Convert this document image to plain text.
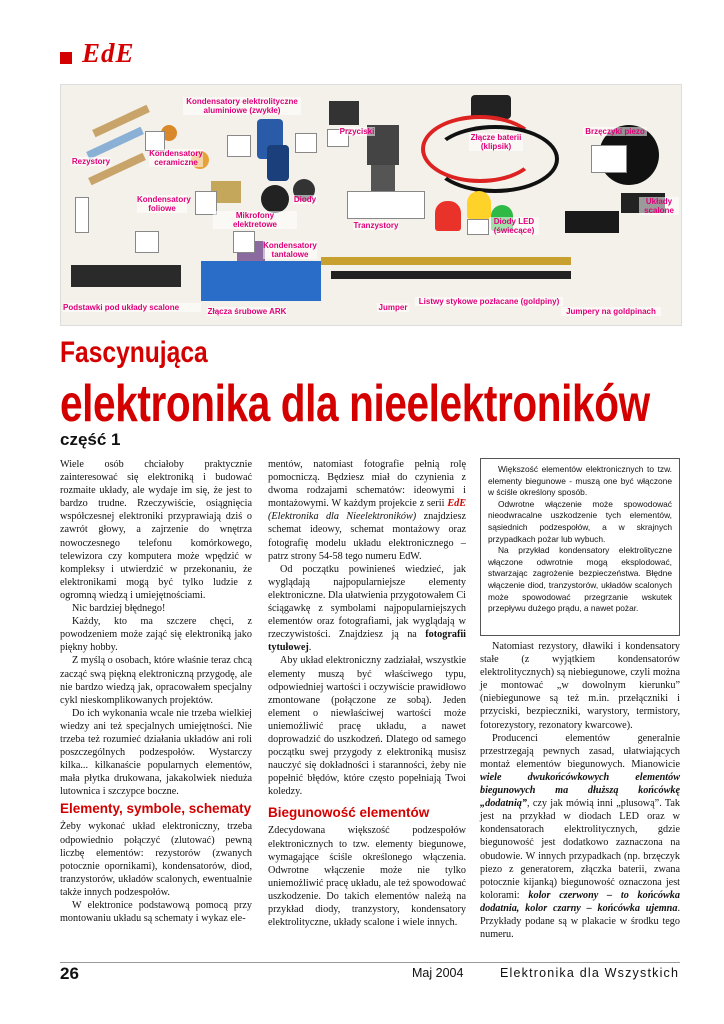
EdE
Kondensatory elektrolityczne aluminiowe (zwykłe)
Przyciski
Złącze baterii (klipsik)
Brzęczyki piezo
Rezystory
Kondensatory ceramiczne
Kondensatory foliowe
Mikrofony elektretowe
Diody
Tranzystory	Diody LED (świecące)
Układy scalone
Kondensatory tantalowe
Podstawki pod układy scalone	Złącza śrubowe ARK	Jumper
Listwy stykowe pozłacane (goldpiny)
Jumpery na goldpinach
Fascynująca
elektronika dla nieelektroników
część 1

Wiele osób chciałoby praktycznie zainteresować się elektroniką i budować rozmaite układy, ale wydaje im się, że jest to bardzo trudne. Rzeczywiście, osiągnięcia współczesnej elektroniki przyprawiają dziś o zawrót głowy, a zajrzenie do wnętrza nowoczesnego telefonu komórkowego, telewizora czy komputera może wpędzić w kompleksy i utwierdzić w przekonaniu, że elektronikami mogą być tylko ludzie z ogromną wiedzą i umiejętnościami.

Nic bardziej błędnego!

Każdy, kto ma szczere chęci, z powodzeniem może zająć się elektroniką jako piękny hobby.

Z myślą o osobach, które właśnie teraz chcą zacząć swą piękną elektroniczną przygodę, ale nie bardzo wiedzą jak, opracowałem specjalny cykl nieskomplikowanych projektów.

Do ich wykonania wcale nie trzeba wielkiej wiedzy ani też specjalnych umiejętności. Nie trzeba też rozumieć działania układów ani roli poszczególnych podzespołów. Wystarczy kilka... kilkanaście popularnych elementów, mała płytka drukowana, jakakolwiek nieduża lutownica i szczypce boczne.

Elementy, symbole, schematy

Żeby wykonać układ elektroniczny, trzeba odpowiednio połączyć (zlutować) pewną liczbę elementów: rezystorów (zwanych potocznie opornikami), kondensatorów, diod, tranzystorów, układów scalonych, ewentualnie także innych podzespołów.

W elektronice podstawową pomocą przy montowaniu układu są schematy i wykaz ele-

mentów, natomiast fotografie pełnią rolę pomocniczą. Będziesz miał do czynienia z dwoma rodzajami schematów: ideowymi i montażowymi. W każdym projekcie z serii EdE (Elektronika dla Nieelektroników) znajdziesz schemat ideowy, schemat montażowy oraz fotografię modelu układu elektronicznego – patrz strony 54-58 tego numeru EdW.

Od początku powinieneś wiedzieć, jak wyglądają najpopularniejsze elementy elektroniczne. Dla ułatwienia przygotowałem Ci ściągawkę z symbolami najpopularniejszych elementów oraz fotografiami, jak wyglądają w rzeczywistości. Znajdziesz ją na fotografii tytułowej.

Aby układ elektroniczny zadziałał, wszystkie elementy muszą być właściwego typu, odpowiedniej wartości i oczywiście prawidłowo zmontowane (połączone ze sobą). Jeden element o niewłaściwej wartości może uniemożliwić pracę układu, a nawet doprowadzić do uszkodzeń. Dlatego od samego początku swej przygody z elektroniką musisz nauczyć się dokładności i staranności, żeby nie popełnić błędów, które często popełniają Twoi koledzy.

Biegunowość elementów

Zdecydowana większość podzespołów elektronicznych to tzw. elementy biegunowe, wymagające ściśle określonego włączenia. Odwrotne włączenie może nie tylko uniemożliwić pracę układu, ale też spowodować uszkodzenie. Do takich elementów należą na przykład diody, tranzystory, kondensatory elektrolityczne, układy scalone i wiele innych.

Większość elementów elektronicznych to tzw. elementy biegunowe - muszą one być włączone w ściśle określony sposób.

Odwrotne włączenie może spowodować nieodwracalne uszkodzenie tych elementów, sąsiednich podzespołów, a w skrajnych przypadkach pożar lub wybuch.

Na przykład kondensatory elektrolityczne włączone odwrotnie mogą eksplodować, stwarzając zagrożenie bezpieczeństwa. Błędne włączenie diod, tranzystorów, układów scalonych może spowodować przegrzanie wskutek przepływu dużego prądu, a nawet pożar.

Natomiast rezystory, dławiki i kondensatory stałe (z wyjątkiem kondensatorów elektrolitycznych) są niebiegunowe, czyli można je montować „w dowolnym kierunku” (niebiegunowe są też m.in. przełączniki i przyciski, bezpieczniki, warystory, termistory, fotorezystory, rezonatory kwarcowe).

Producenci elementów generalnie przestrzegają pewnych zasad, ułatwiających montaż elementów biegunowych. Mianowicie wiele dwukońcówkowych elementów biegunowych ma dłuższą końcówkę „dodatnią”, czy jak mówią inni „plusową”. Tak jest na przykład w diodach LED oraz w kondensatorach elektrolitycznych, gdzie biegunowość jest dodatkowo zaznaczona na obudowie. W innych przypadkach (np. brzęczyk piezo z generatorem, złączka baterii, zwana potocznie kijanką) biegunowość oznaczona jest kolorami: kolor czerwony – to końcówka dodatnia, kolor czarny – końcówka ujemna. Przykłady podane są w plakacie w środku tego numeru.

26	Maj 2004	Elektronika dla Wszystkich
